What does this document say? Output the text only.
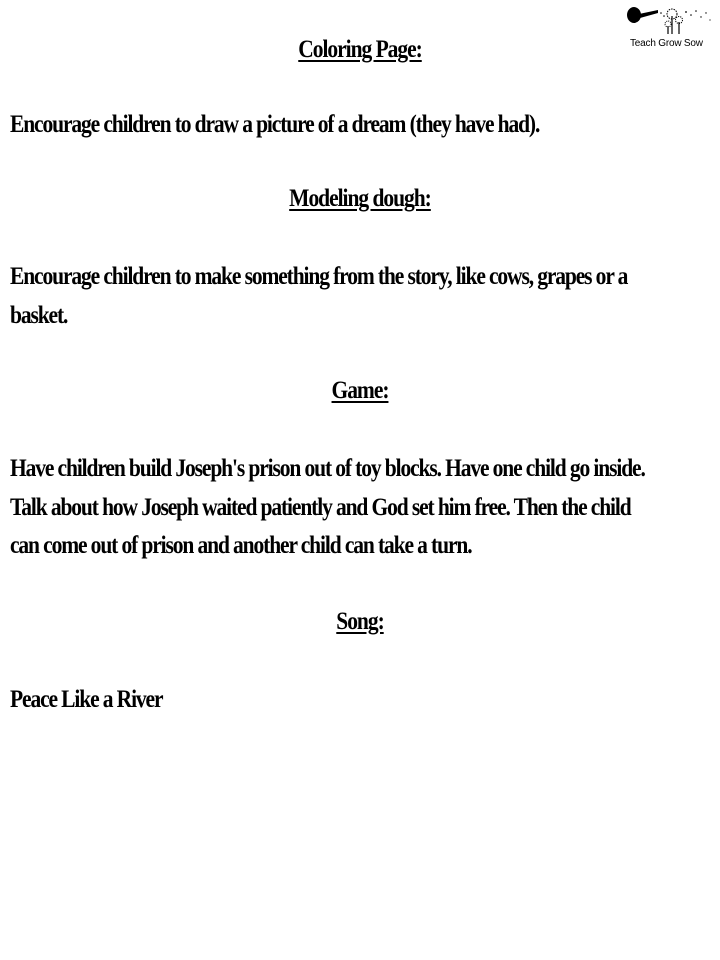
Teach Grow Sow
Coloring Page:
Encourage children to draw a picture of a dream (they have had).
Modeling dough:
Encourage children to make something from the story, like cows, grapes or a
basket.
Game:
Have children build Joseph's prison out of toy blocks. Have one child go inside.
Talk about how Joseph waited patiently and God set him free. Then the child
can come out of prison and another child can take a turn.
Song:
Peace Like a River
